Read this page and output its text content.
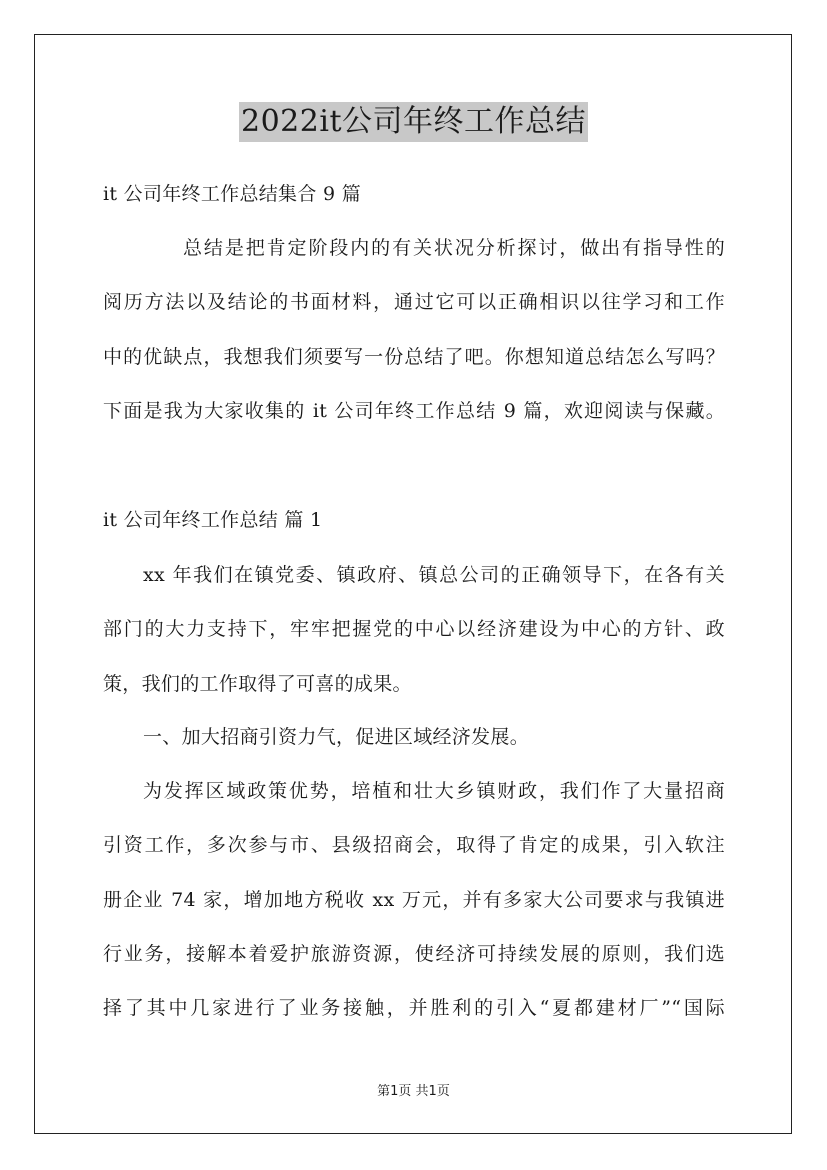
2022it公司年终工作总结
it 公司年终工作总结集合 9 篇
总结是把肯定阶段内的有关状况分析探讨，做出有指导性的
阅历方法以及结论的书面材料，通过它可以正确相识以往学习和工作
中的优缺点，我想我们须要写一份总结了吧。你想知道总结怎么写吗？
下面是我为大家收集的 it 公司年终工作总结 9 篇，欢迎阅读与保藏。
it 公司年终工作总结 篇 1
xx 年我们在镇党委、镇政府、镇总公司的正确领导下，在各有关
部门的大力支持下，牢牢把握党的中心以经济建设为中心的方针、政
策，我们的工作取得了可喜的成果。
一、加大招商引资力气，促进区域经济发展。
为发挥区域政策优势，培植和壮大乡镇财政，我们作了大量招商
引资工作，多次参与市、县级招商会，取得了肯定的成果，引入软注
册企业 74 家，增加地方税收 xx 万元，并有多家大公司要求与我镇进
行业务，接解本着爱护旅游资源，使经济可持续发展的原则，我们选
择了其中几家进行了业务接触，并胜利的引入“夏都建材厂”“国际
第1页 共1页
